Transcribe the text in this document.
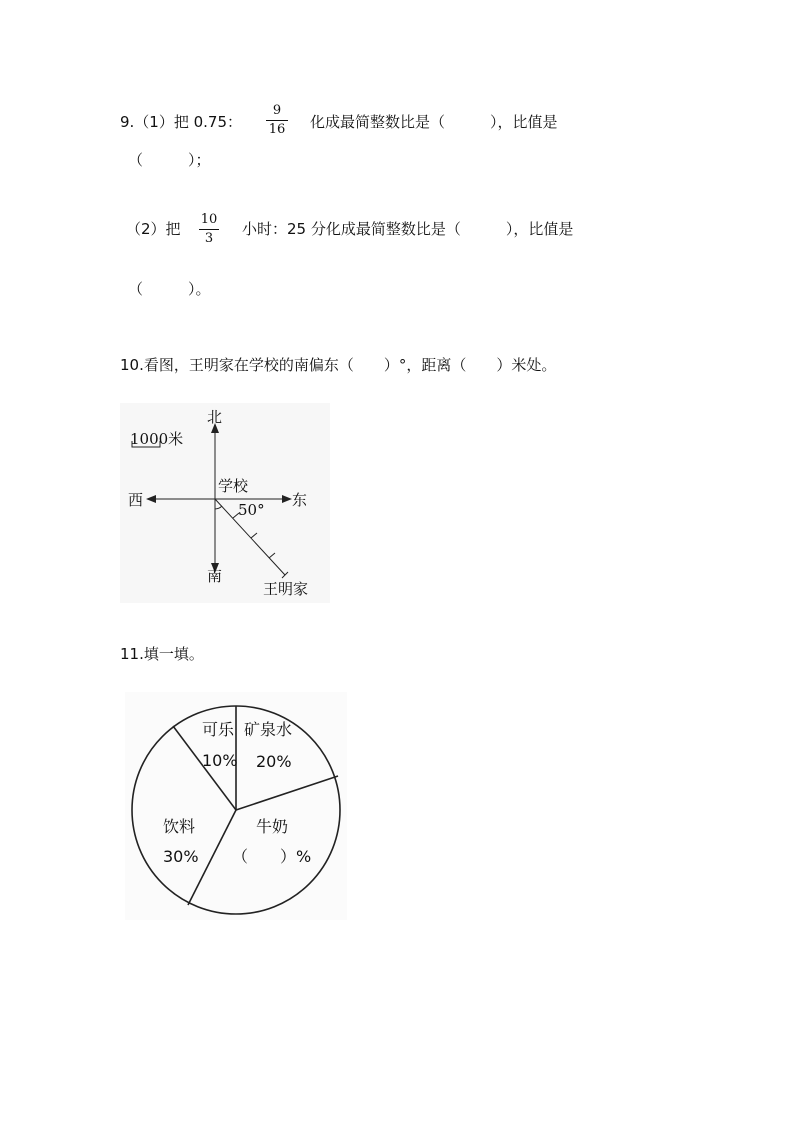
9.（1）把 0.75：
9
16 化成最简整数比是（　　　），比值是
（　　　）；
（2）把
10
3
小时：25 分化成最简整数比是（　　　），比值是
（　　　）。
10.看图，王明家在学校的南偏东（　　）°，距离（　　）米处。
1000米
北
南
西	东
学校
50°
王明家
11.填一填。
可乐
10%
矿泉水
20%
牛奶
（　　）%
饮料
30%
